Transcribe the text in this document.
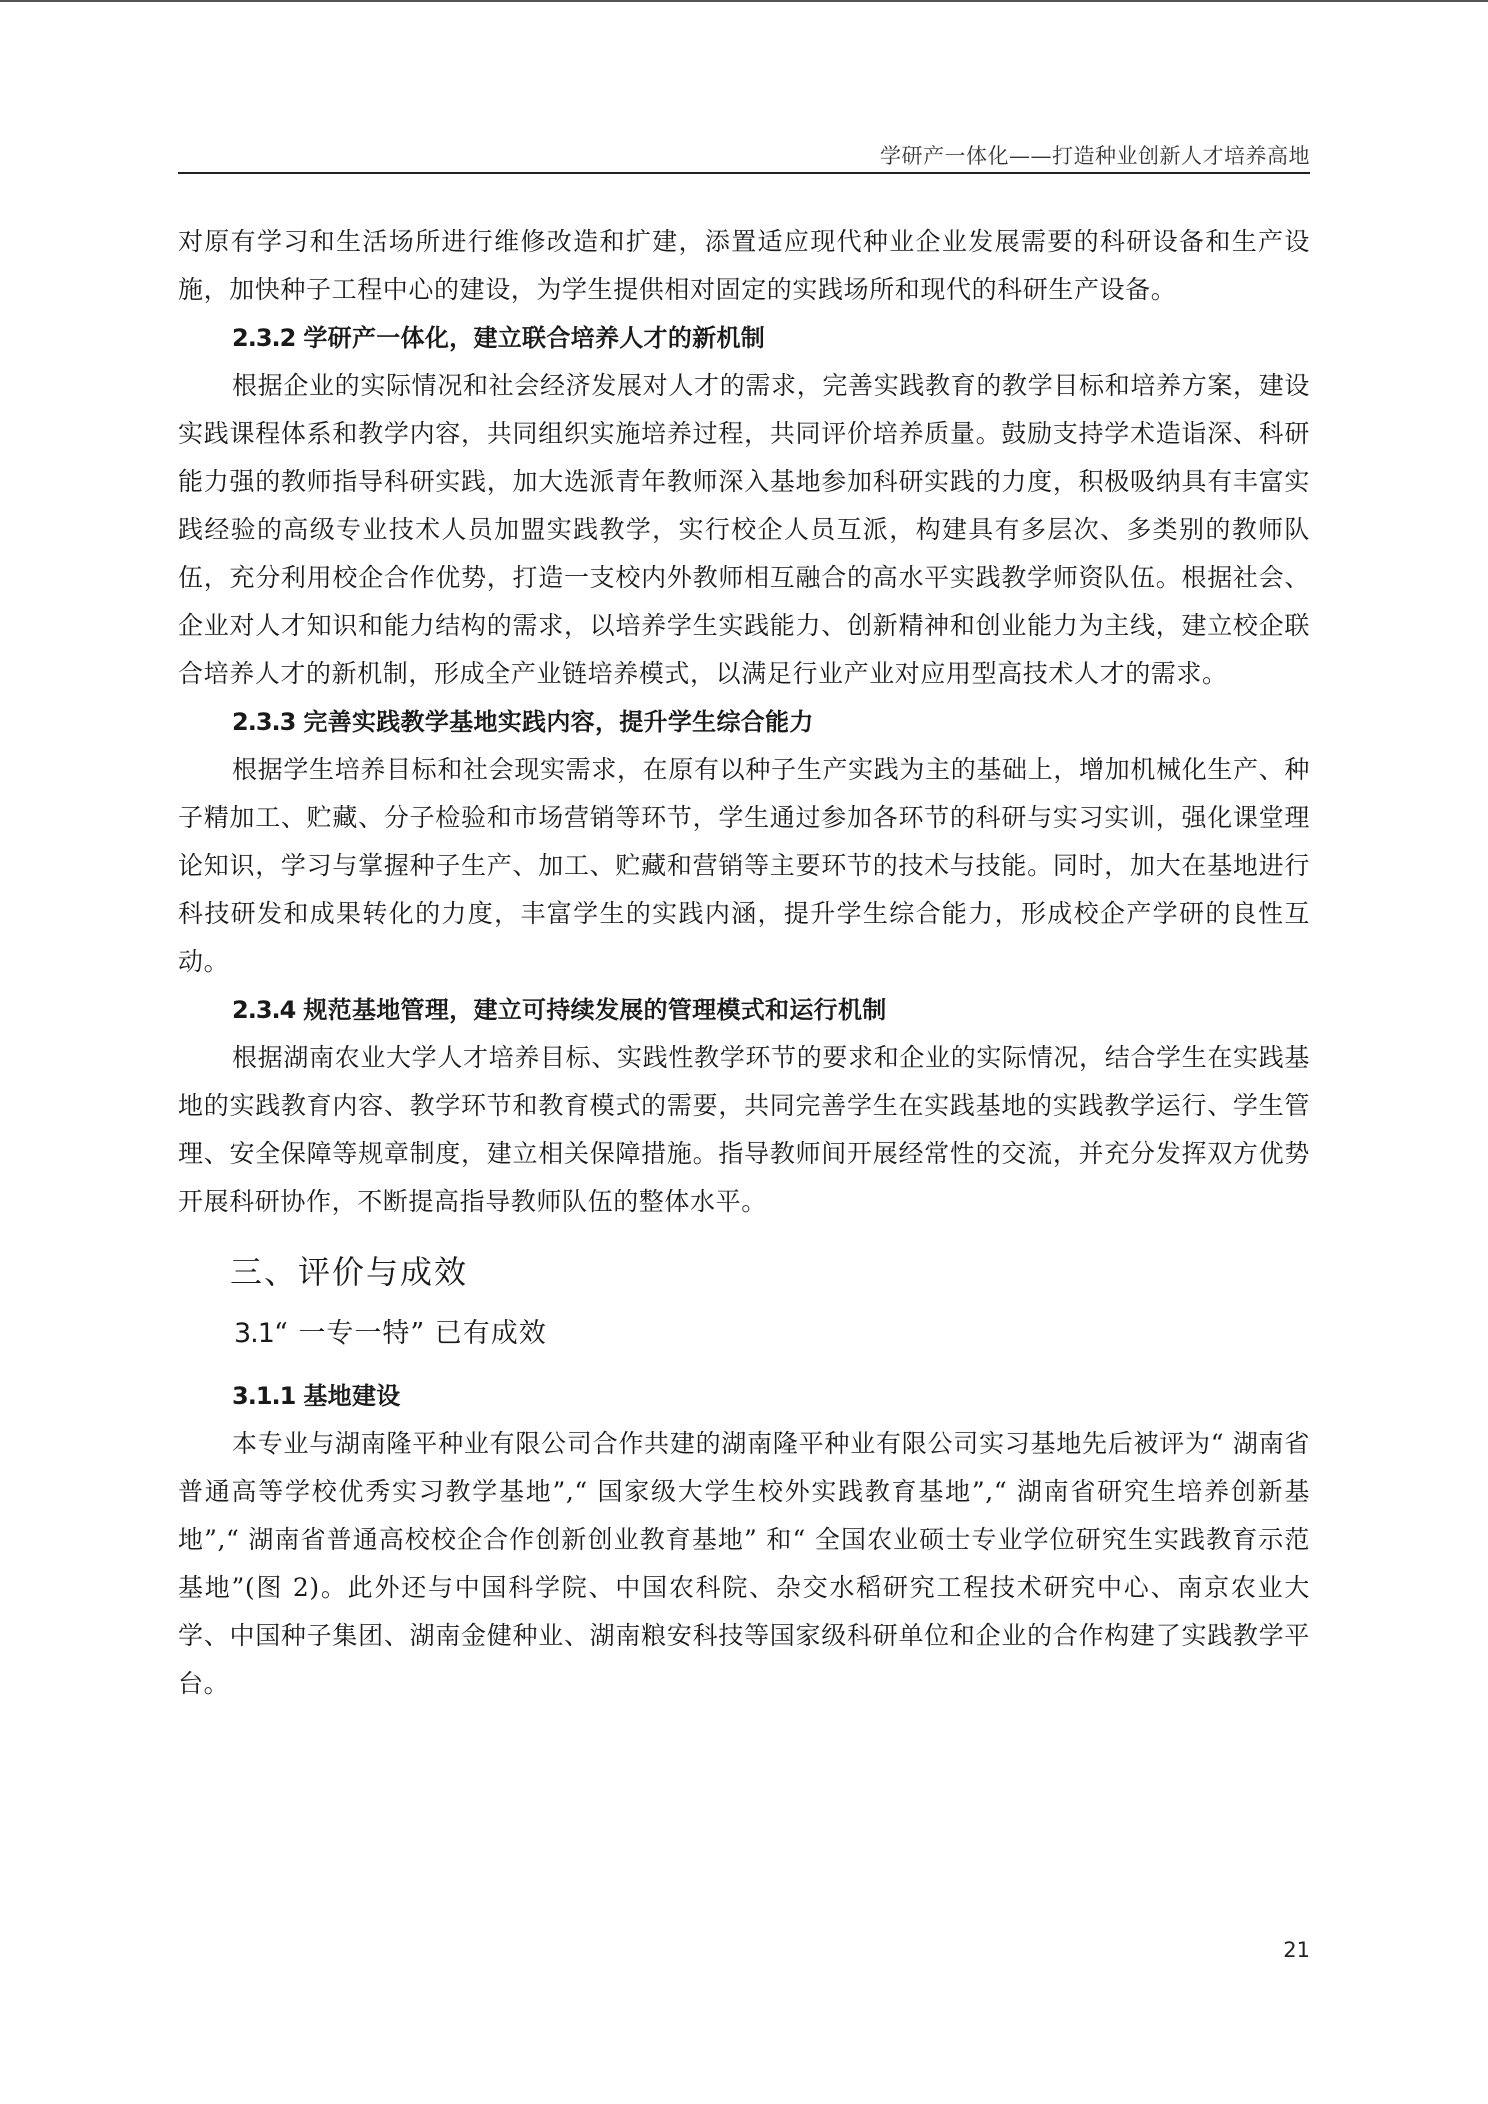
学研产一体化——打造种业创新人才培养高地

对原有学习和生活场所进行维修改造和扩建，添置适应现代种业企业发展需要的科研设备和生产设施，加快种子工程中心的建设，为学生提供相对固定的实践场所和现代的科研生产设备。

2.3.2 学研产一体化，建立联合培养人才的新机制

根据企业的实际情况和社会经济发展对人才的需求，完善实践教育的教学目标和培养方案，建设实践课程体系和教学内容，共同组织实施培养过程，共同评价培养质量。鼓励支持学术造诣深、科研能力强的教师指导科研实践，加大选派青年教师深入基地参加科研实践的力度，积极吸纳具有丰富实践经验的高级专业技术人员加盟实践教学，实行校企人员互派，构建具有多层次、多类别的教师队伍，充分利用校企合作优势，打造一支校内外教师相互融合的高水平实践教学师资队伍。根据社会、企业对人才知识和能力结构的需求，以培养学生实践能力、创新精神和创业能力为主线，建立校企联合培养人才的新机制，形成全产业链培养模式，以满足行业产业对应用型高技术人才的需求。

2.3.3 完善实践教学基地实践内容，提升学生综合能力

根据学生培养目标和社会现实需求，在原有以种子生产实践为主的基础上，增加机械化生产、种子精加工、贮藏、分子检验和市场营销等环节，学生通过参加各环节的科研与实习实训，强化课堂理论知识，学习与掌握种子生产、加工、贮藏和营销等主要环节的技术与技能。同时，加大在基地进行科技研发和成果转化的力度，丰富学生的实践内涵，提升学生综合能力，形成校企产学研的良性互动。

2.3.4 规范基地管理，建立可持续发展的管理模式和运行机制

根据湖南农业大学人才培养目标、实践性教学环节的要求和企业的实际情况，结合学生在实践基地的实践教育内容、教学环节和教育模式的需要，共同完善学生在实践基地的实践教学运行、学生管理、安全保障等规章制度，建立相关保障措施。指导教师间开展经常性的交流，并充分发挥双方优势开展科研协作，不断提高指导教师队伍的整体水平。

三、评价与成效
3.1“ 一专一特” 已有成效
3.1.1 基地建设

本专业与湖南隆平种业有限公司合作共建的湖南隆平种业有限公司实习基地先后被评为“ 湖南省普通高等学校优秀实习教学基地”,“ 国家级大学生校外实践教育基地”,“ 湖南省研究生培养创新基地”,“ 湖南省普通高校校企合作创新创业教育基地” 和“ 全国农业硕士专业学位研究生实践教育示范基地”(图 2)。此外还与中国科学院、中国农科院、杂交水稻研究工程技术研究中心、南京农业大学、中国种子集团、湖南金健种业、湖南粮安科技等国家级科研单位和企业的合作构建了实践教学平台。

21
